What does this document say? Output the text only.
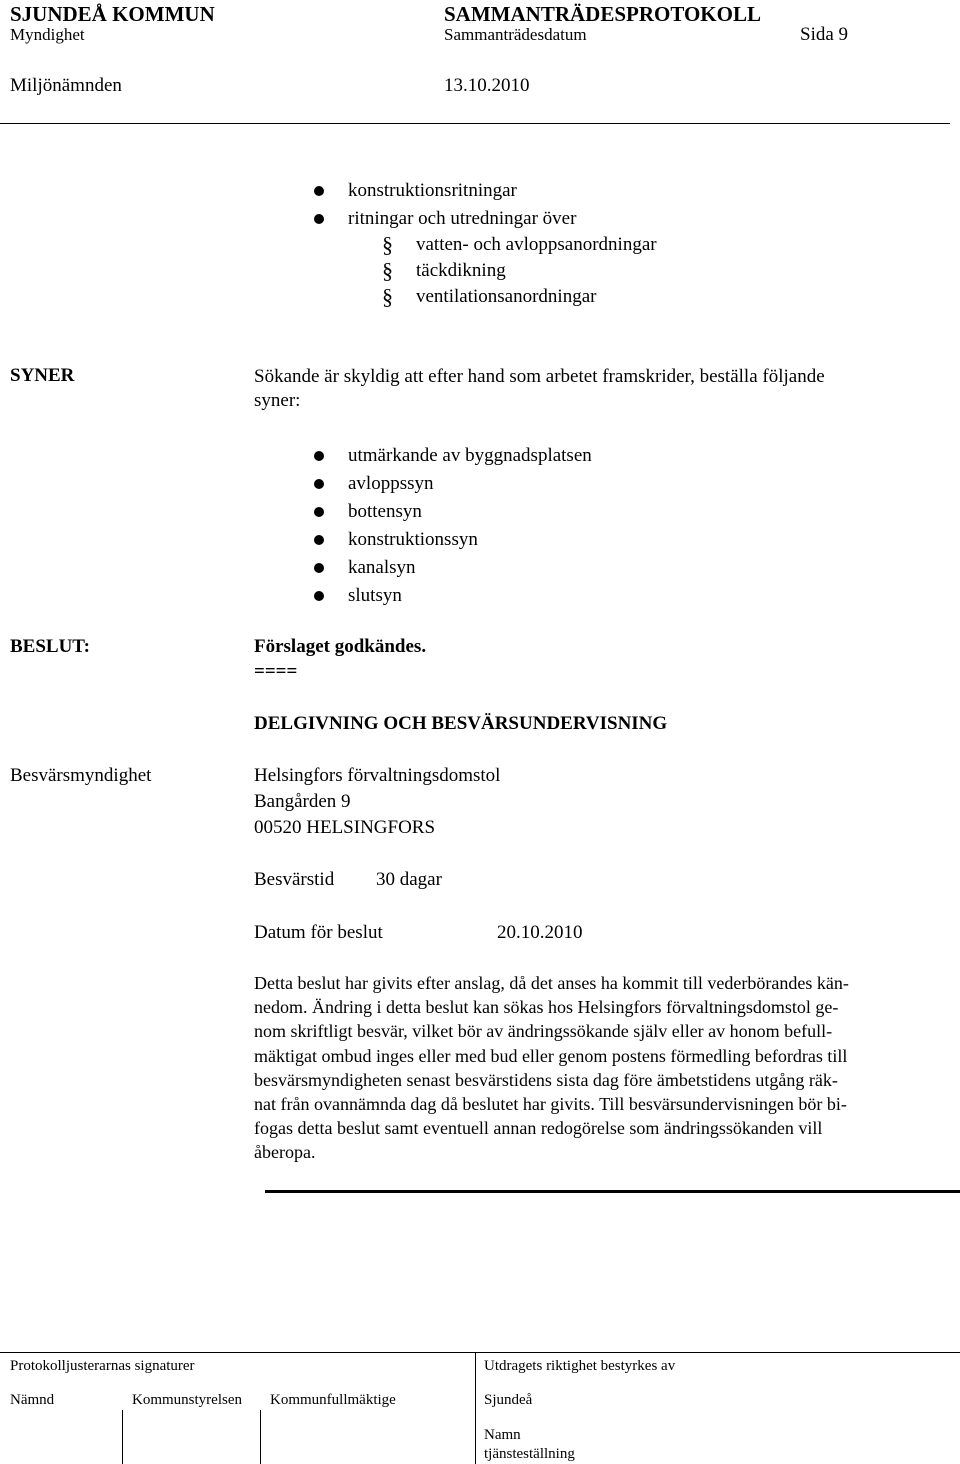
SJUNDEÅ KOMMUN	SAMMANTRÄDESPROTOKOLL
Myndighet	Sammanträdesdatum	Sida 9
Miljönämnden	13.10.2010
konstruktionsritningar
ritningar och utredningar över
§ vatten- och avloppsanordningar
§ täckdikning
§ ventilationsanordningar
SYNER	Sökande är skyldig att efter hand som arbetet framskrider, beställa följande
syner:
utmärkande av byggnadsplatsen
avloppssyn
bottensyn
konstruktionssyn
kanalsyn
slutsyn
BESLUT:	Förslaget godkändes.
====
DELGIVNING OCH BESVÄRSUNDERVISNING
Besvärsmyndighet	Helsingfors förvaltningsdomstol
Bangården 9
00520 HELSINGFORS
Besvärstid 30 dagar
Datum för beslut	20.10.2010
Detta beslut har givits efter anslag, då det anses ha kommit till vederbörandes kän-
nedom. Ändring i detta beslut kan sökas hos Helsingfors förvaltningsdomstol ge-
nom skriftligt besvär, vilket bör av ändringssökande själv eller av honom befull-
mäktigat ombud inges eller med bud eller genom postens förmedling befordras till
besvärsmyndigheten senast besvärstidens sista dag före ämbetstidens utgång räk-
nat från ovannämnda dag då beslutet har givits. Till besvärsundervisningen bör bi-
fogas detta beslut samt eventuell annan redogörelse som ändringssökanden vill
åberopa.
Protokolljusterarnas signaturer	Utdragets riktighet bestyrkes av
Nämnd	Kommunstyrelsen Kommunfullmäktige	Sjundeå
Namn
tjänsteställning
